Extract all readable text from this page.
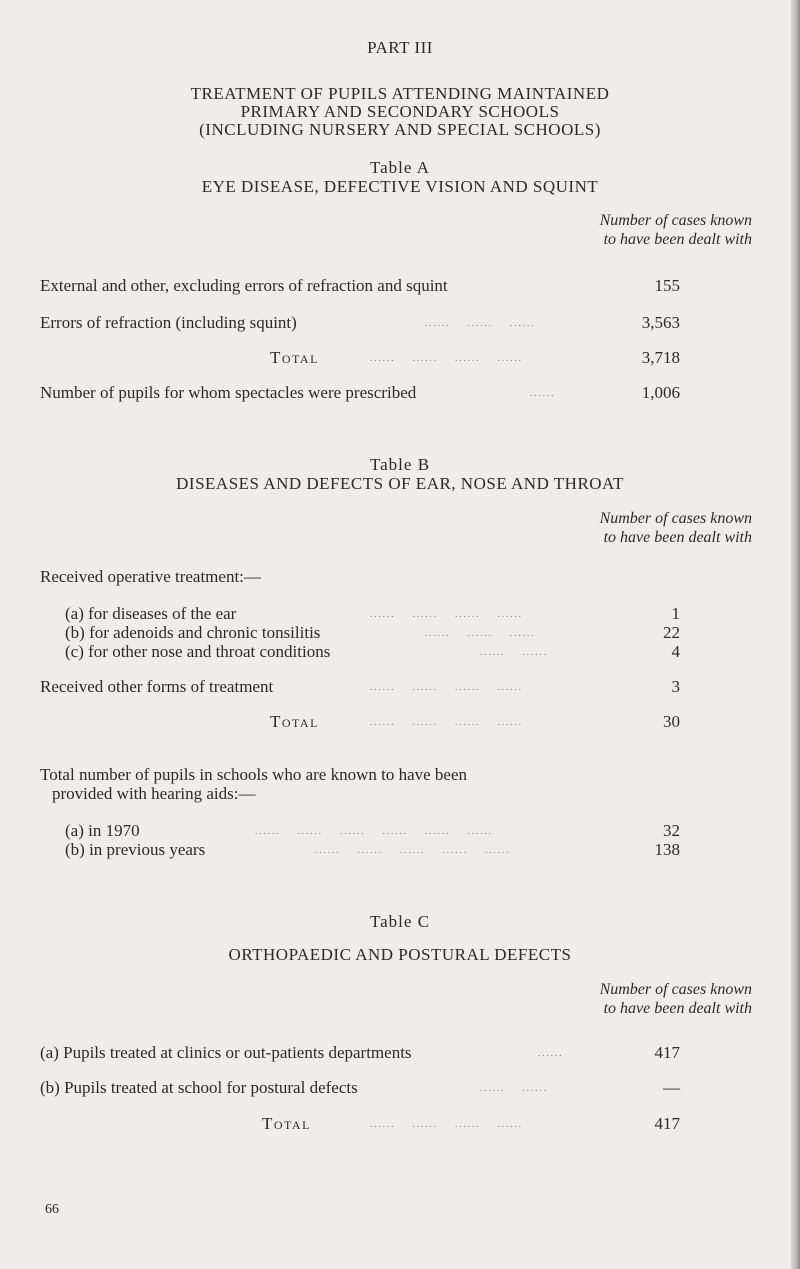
PART III
TREATMENT OF PUPILS ATTENDING MAINTAINED
PRIMARY AND SECONDARY SCHOOLS
(INCLUDING NURSERY AND SPECIAL SCHOOLS)
Table A
EYE DISEASE, DEFECTIVE VISION AND SQUINT
Number of cases known
to have been dealt with
External and other, excluding errors of refraction and squint	155
Errors of refraction (including squint)	......    ......    ......	3,563
Total	......    ......    ......    ......	3,718
Number of pupils for whom spectacles were prescribed	......	1,006
Table B
DISEASES AND DEFECTS OF EAR, NOSE AND THROAT
Number of cases known
to have been dealt with
Received operative treatment:—
(a) for diseases of the ear	......    ......    ......    ......	1
(b) for adenoids and chronic tonsilitis	......    ......    ......	22
(c) for other nose and throat conditions	......    ......	4
Received other forms of treatment	......    ......    ......    ......	3
Total	......    ......    ......    ......	30
Total number of pupils in schools who are known to have been
provided with hearing aids:—
(a) in 1970	......    ......    ......    ......    ......    ......	32
(b) in previous years	......    ......    ......    ......    ......	138
Table C
ORTHOPAEDIC AND POSTURAL DEFECTS
Number of cases known
to have been dealt with
(a) Pupils treated at clinics or out-patients departments	......	417
(b) Pupils treated at school for postural defects	......    ......	—
Total	......    ......    ......    ......	417
66
